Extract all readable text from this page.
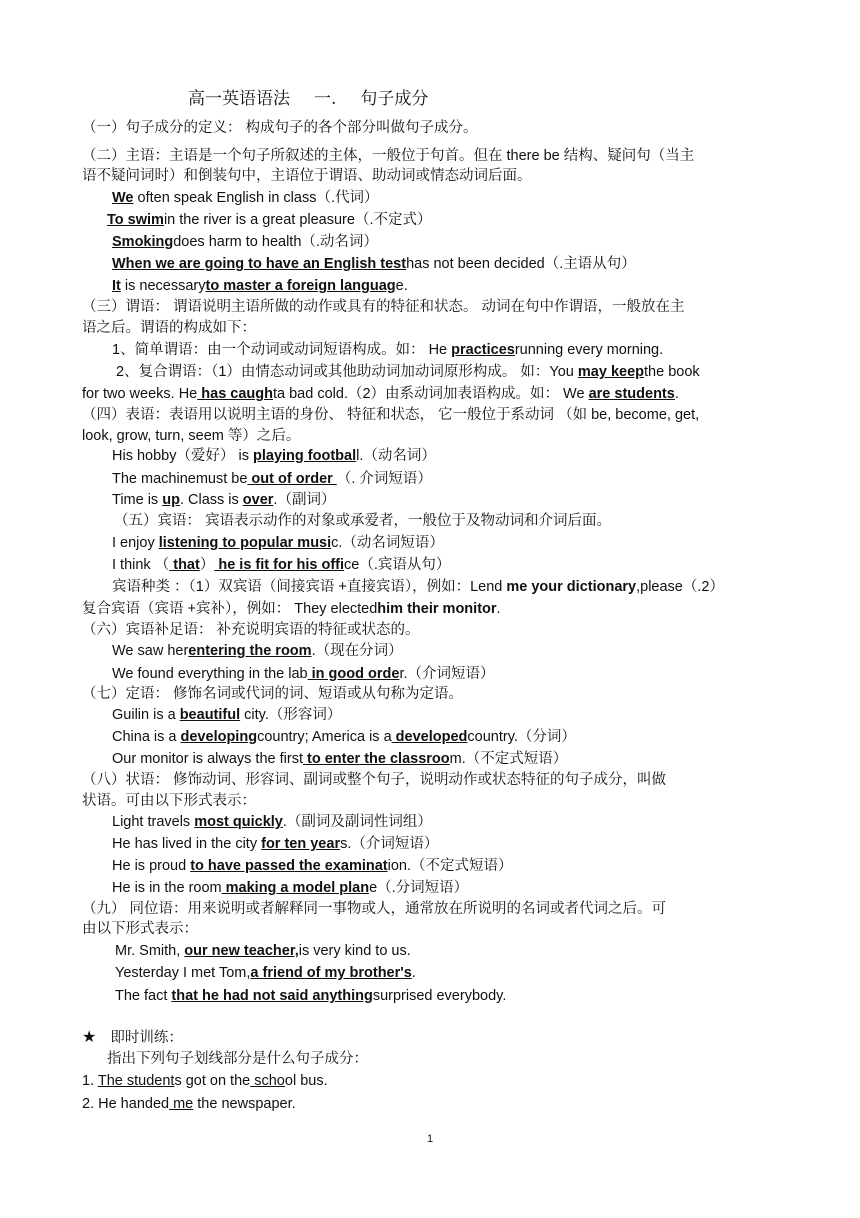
高一英语语法 一. 句子成分
（一）句子成分的定义： 构成句子的各个部分叫做句子成分。
（二）主语：主语是一个句子所叙述的主体，一般位于句首。但在 there be 结构、疑问句（当主
语不疑问词时）和倒装句中，主语位于谓语、助动词或情态动词后面。
We often speak English in class（.代词）
To swimin the river is a great pleasure（.不定式）
Smokingdoes harm to health（.动名词）
When we are going to have an English testhas not been decided（.主语从句）
It is necessaryto master a foreign language.
（三）谓语： 谓语说明主语所做的动作或具有的特征和状态。 动词在句中作谓语，一般放在主
语之后。谓语的构成如下：
1、简单谓语：由一个动词或动词短语构成。如： He practicesrunning every morning.
2、复合谓语：（1）由情态动词或其他助动词加动词原形构成。 如：You may keepthe book
for two weeks. He has caughta bad cold.（2）由系动词加表语构成。如： We are students.
（四）表语：表语用以说明主语的身份、 特征和状态， 它一般位于系动词 （如 be, become, get,
look, grow, turn, seem 等）之后。
His hobby（爱好） is playing football.（动名词）
The machinemust be out of order （. 介词短语）
Time is up. Class is over.（副词）
（五）宾语： 宾语表示动作的对象或承爱者，一般位于及物动词和介词后面。
I enjoy listening to popular music.（动名词短语）
I think （ that） he is fit for his office（.宾语从句）
宾语种类 ：（1）双宾语（间接宾语 +直接宾语），例如：Lend me your dictionary,please（.2）
复合宾语（宾语 +宾补），例如： They electedhim their monitor.
（六）宾语补足语： 补充说明宾语的特征或状态的。
We saw herentering the room.（现在分词）
We found everything in the lab in good order.（介词短语）
（七）定语： 修饰名词或代词的词、短语或从句称为定语。
Guilin is a beautiful city.（形容词）
China is a developingcountry; America is a developedcountry.（分词）
Our monitor is always the first to enter the classroom.（不定式短语）
（八）状语： 修饰动词、形容词、副词或整个句子，说明动作或状态特征的句子成分，叫做
状语。可由以下形式表示：
Light travels most quickly.（副词及副词性词组）
He has lived in the city for ten years.（介词短语）
He is proud to have passed the examination.（不定式短语）
He is in the room making a model plane（.分词短语）
（九） 同位语：用来说明或者解释同一事物或人，通常放在所说明的名词或者代词之后。可
由以下形式表示：
Mr. Smith, our new teacher,is very kind to us.
Yesterday I met Tom,a friend of my brother's.
The fact that he had not said anythingsurprised everybody.
★ 即时训练：
指出下列句子划线部分是什么句子成分：
1. The students got on the school bus.
2. He handed me the newspaper.
1
